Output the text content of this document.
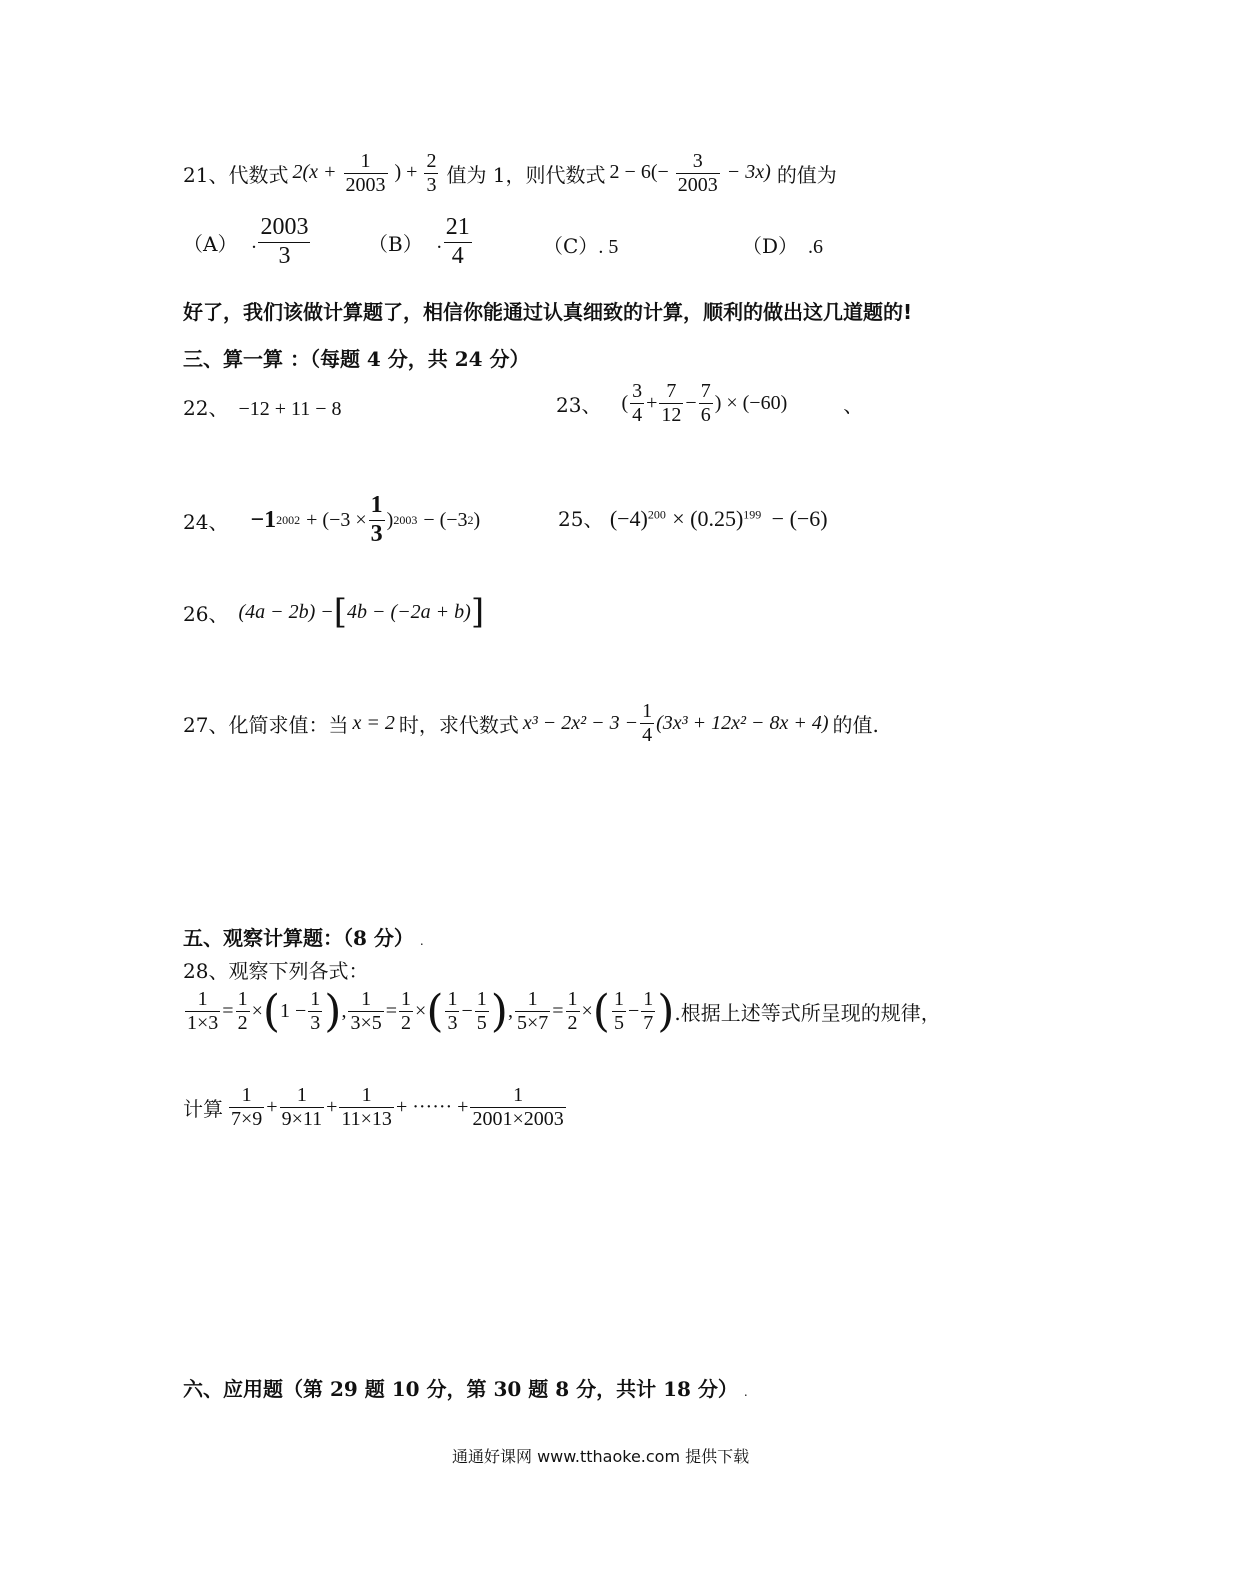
21、代数式 $2(x + \frac{1}{2003}$ ) + $\frac{2}{3}$ 值为 1，则代数式 $2 - 6(- \frac{3}{2003} - 3x)$ 的值为
（A） . $\frac{2003}{3}$	（B） . $\frac{21}{4}$	（C）. 5	（D） .6
好了，我们该做计算题了，相信你能通过认真细致的计算，顺利的做出这几道题的!
三、算一算 ：（每题 4 分，共 24 分）
22、 −12 + 11 − 8	23、 ( $\frac{3}{4} + \frac{7}{12} - \frac{7}{6}$ ) × (−60)	、
24、 −1 $2002 + (-3 \times \frac{1}{3}$ ) 2003 − (−3 2 )	25、 $(-4)^{200} \times (0.25)^{199} - (-6)$
26、 (4a − 2b) − [ 4b − (−2a + b) ]
27、化简求值：当 x = 2 时，求代数式 $x^3 - 2x^2 - 3 - \frac{1}{4} (3x^3 + 12x^2 - 8x + 4)$ 的值.
五、观察计算题：（8 分） .
28、观察下列各式：
$\frac{1}{1\times 3} = \frac{1}{2}$ × ( $1 - \frac{1}{3}$ ) , $\frac{1}{3\times 5} = \frac{1}{2}$ × ( $\frac{1}{3} - \frac{1}{5}$ ) , $\frac{1}{5\times 7} = \frac{1}{2}$ × ( $\frac{1}{5} - \frac{1}{7}$ ) .根据上述等式所呈现的规律，
计算 $\frac{1}{7\times 9} + \frac{1}{9\times 11} + \frac{1}{11\times 13}$ + ······ + $\frac{1}{2001\times 2003}$
六、应用题（第 29 题 10 分，第 30 题 8 分，共计 18 分） .
通通好课网 www.tthaoke.com 提供下载
